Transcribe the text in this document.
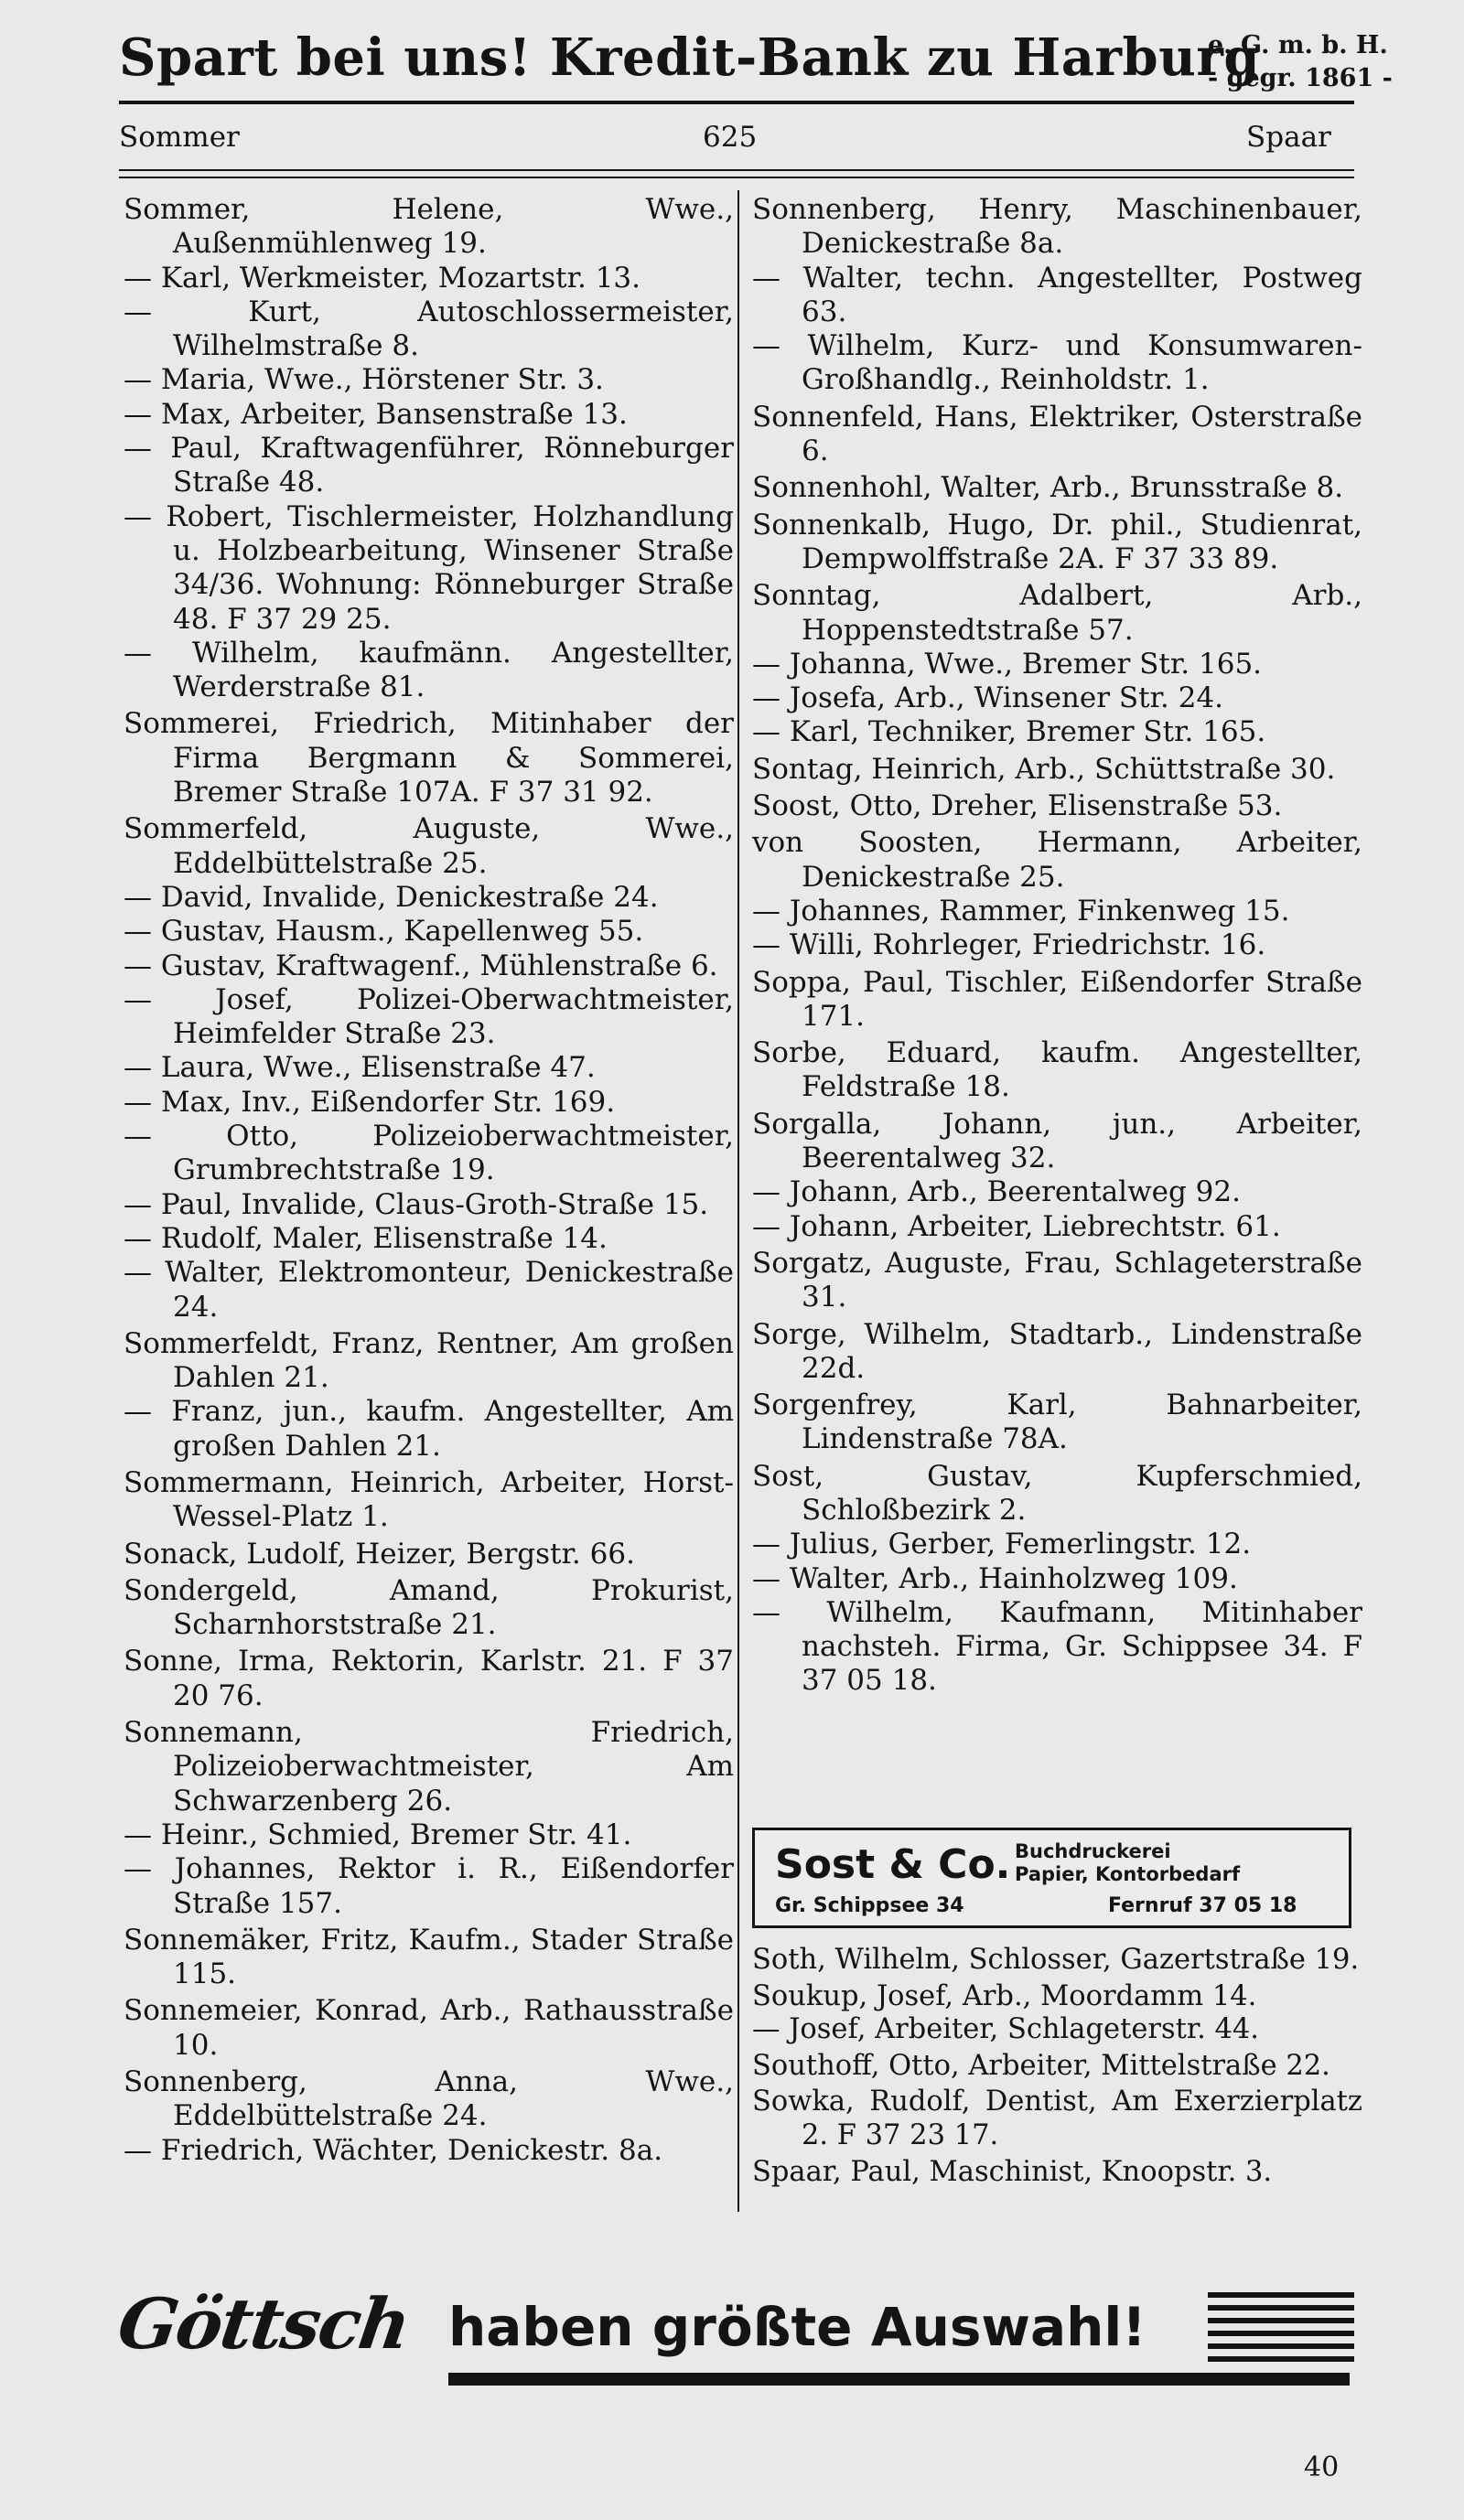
Spart bei uns! Kredit-Bank zu Harburg
e. G. m. b. H.
- gegr. 1861 -
Sommer	625	Spaar

Sommer, Helene, Wwe., Außenmühlenweg 19.

— Karl, Werkmeister, Mozartstr. 13.

— Kurt, Autoschlossermeister, Wilhelmstraße 8.

— Maria, Wwe., Hörstener Str. 3.

— Max, Arbeiter, Bansenstraße 13.

— Paul, Kraftwagenführer, Rönneburger Straße 48.

— Robert, Tischlermeister, Holzhandlung u. Holzbearbeitung, Winsener Straße 34/36. Wohnung: Rönneburger Straße 48. F 37 29 25.

— Wilhelm, kaufmänn. Angestellter, Werderstraße 81.

Sommerei, Friedrich, Mitinhaber der Firma Bergmann & Sommerei, Bremer Straße 107A. F 37 31 92.

Sommerfeld, Auguste, Wwe., Eddelbüttelstraße 25.

— David, Invalide, Denickestraße 24.

— Gustav, Hausm., Kapellenweg 55.

— Gustav, Kraftwagenf., Mühlenstraße 6.

— Josef, Polizei-Oberwachtmeister, Heimfelder Straße 23.

— Laura, Wwe., Elisenstraße 47.

— Max, Inv., Eißendorfer Str. 169.

— Otto, Polizeioberwachtmeister, Grumbrechtstraße 19.

— Paul, Invalide, Claus-Groth-Straße 15.

— Rudolf, Maler, Elisenstraße 14.

— Walter, Elektromonteur, Denickestraße 24.

Sommerfeldt, Franz, Rentner, Am großen Dahlen 21.

— Franz, jun., kaufm. Angestellter, Am großen Dahlen 21.

Sommermann, Heinrich, Arbeiter, Horst-Wessel-Platz 1.

Sonack, Ludolf, Heizer, Bergstr. 66.

Sondergeld, Amand, Prokurist, Scharnhorststraße 21.

Sonne, Irma, Rektorin, Karlstr. 21. F 37 20 76.

Sonnemann, Friedrich, Polizeioberwachtmeister, Am Schwarzenberg 26.

— Heinr., Schmied, Bremer Str. 41.

— Johannes, Rektor i. R., Eißendorfer Straße 157.

Sonnemäker, Fritz, Kaufm., Stader Straße 115.

Sonnemeier, Konrad, Arb., Rathausstraße 10.

Sonnenberg, Anna, Wwe., Eddelbüttelstraße 24.

— Friedrich, Wächter, Denickestr. 8a.

Sonnenberg, Henry, Maschinenbauer, Denickestraße 8a.

— Walter, techn. Angestellter, Postweg 63.

— Wilhelm, Kurz- und Konsumwaren-Großhandlg., Reinholdstr. 1.

Sonnenfeld, Hans, Elektriker, Osterstraße 6.

Sonnenhohl, Walter, Arb., Brunsstraße 8.

Sonnenkalb, Hugo, Dr. phil., Studienrat, Dempwolffstraße 2A. F 37 33 89.

Sonntag, Adalbert, Arb., Hoppenstedtstraße 57.

— Johanna, Wwe., Bremer Str. 165.

— Josefa, Arb., Winsener Str. 24.

— Karl, Techniker, Bremer Str. 165.

Sontag, Heinrich, Arb., Schüttstraße 30.

Soost, Otto, Dreher, Elisenstraße 53.

von Soosten, Hermann, Arbeiter, Denickestraße 25.

— Johannes, Rammer, Finkenweg 15.

— Willi, Rohrleger, Friedrichstr. 16.

Soppa, Paul, Tischler, Eißendorfer Straße 171.

Sorbe, Eduard, kaufm. Angestellter, Feldstraße 18.

Sorgalla, Johann, jun., Arbeiter, Beerentalweg 32.

— Johann, Arb., Beerentalweg 92.

— Johann, Arbeiter, Liebrechtstr. 61.

Sorgatz, Auguste, Frau, Schlageterstraße 31.

Sorge, Wilhelm, Stadtarb., Lindenstraße 22d.

Sorgenfrey, Karl, Bahnarbeiter, Lindenstraße 78A.

Sost, Gustav, Kupferschmied, Schloßbezirk 2.

— Julius, Gerber, Femerlingstr. 12.

— Walter, Arb., Hainholzweg 109.

— Wilhelm, Kaufmann, Mitinhaber nachsteh. Firma, Gr. Schippsee 34. F 37 05 18.

Sost & Co. Buchdruckerei
Papier, Kontorbedarf
Gr. Schippsee 34	Fernruf 37 05 18

Soth, Wilhelm, Schlosser, Gazertstraße 19.

Soukup, Josef, Arb., Moordamm 14.

— Josef, Arbeiter, Schlageterstr. 44.

Southoff, Otto, Arbeiter, Mittelstraße 22.

Sowka, Rudolf, Dentist, Am Exerzierplatz 2. F 37 23 17.

Spaar, Paul, Maschinist, Knoopstr. 3.

Göttsch haben größte Auswahl!
40
